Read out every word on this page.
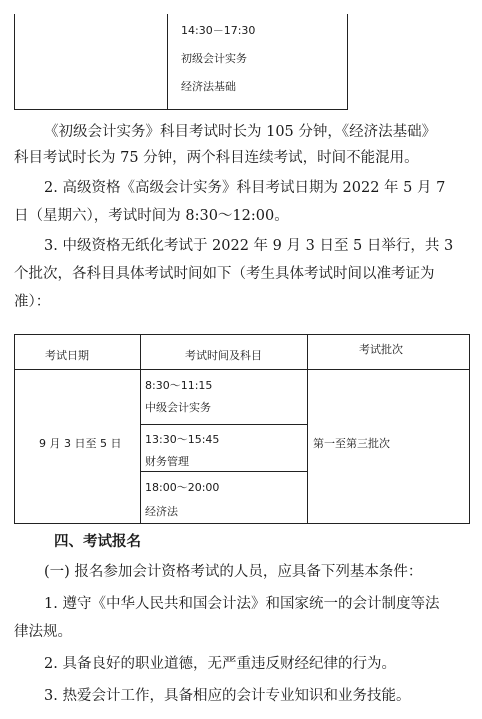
14:30－17:30
初级会计实务
经济法基础
《初级会计实务》科目考试时长为 105 分钟，《经济法基础》
科目考试时长为 75 分钟，两个科目连续考试，时间不能混用。
2. 高级资格《高级会计实务》科目考试日期为 2022 年 5 月 7
日（星期六），考试时间为 8:30～12:00。
3. 中级资格无纸化考试于 2022 年 9 月 3 日至 5 日举行，共 3
个批次，各科目具体考试时间如下（考生具体考试时间以准考证为
准）：
考试日期	考试时间及科目	考试批次
9 月 3 日至 5 日
8:30～11:15
中级会计实务
13:30～15:45
财务管理
18:00～20:00
经济法
第一至第三批次
四、考试报名
(一) 报名参加会计资格考试的人员，应具备下列基本条件：
1. 遵守《中华人民共和国会计法》和国家统一的会计制度等法
律法规。
2. 具备良好的职业道德，无严重违反财经纪律的行为。
3. 热爱会计工作，具备相应的会计专业知识和业务技能。
